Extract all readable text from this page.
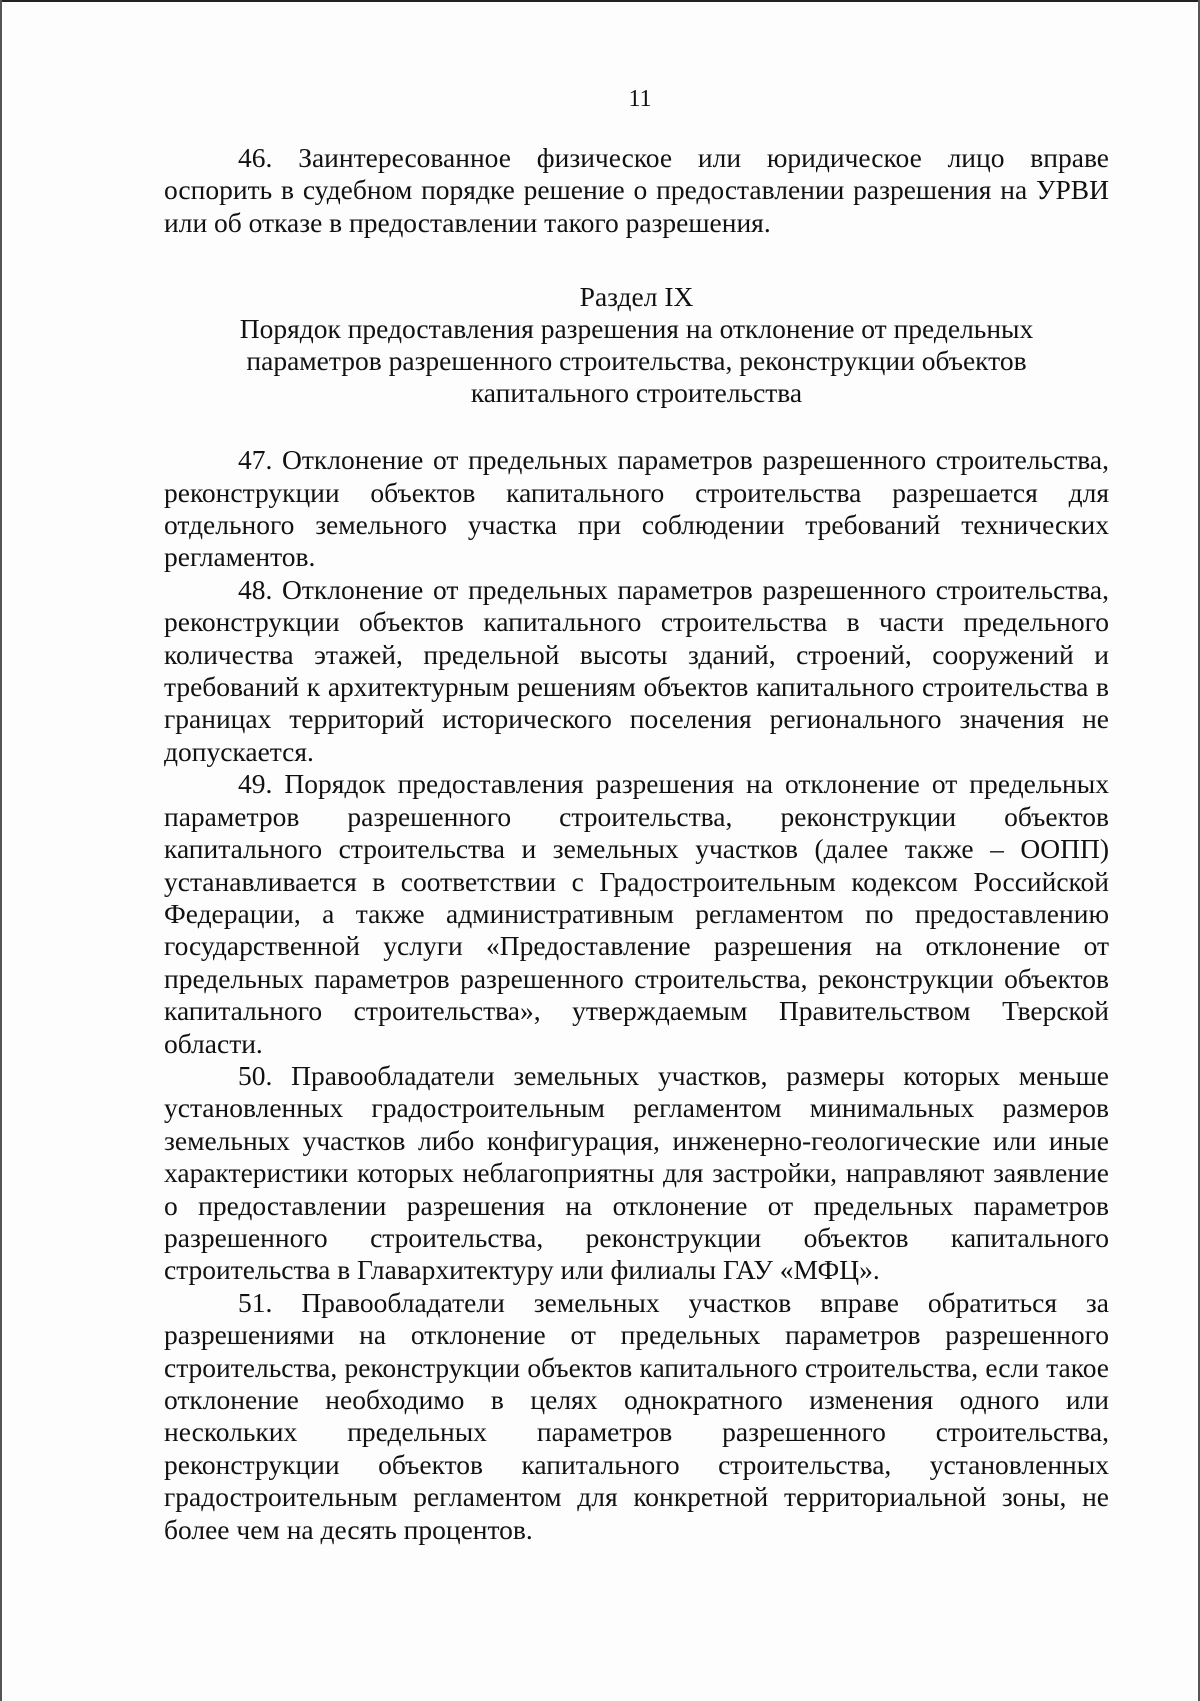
11

46. Заинтересованное физическое или юридическое лицо вправе оспорить в судебном порядке решение о предоставлении разрешения на УРВИ или об отказе в предоставлении такого разрешения.

Раздел IX
Порядок предоставления разрешения на отклонение от предельных параметров разрешенного строительства, реконструкции объектов капитального строительства

47. Отклонение от предельных параметров разрешенного строительства, реконструкции объектов капитального строительства разрешается для отдельного земельного участка при соблюдении требований технических регламентов.

48. Отклонение от предельных параметров разрешенного строительства, реконструкции объектов капитального строительства в части предельного количества этажей, предельной высоты зданий, строений, сооружений и требований к архитектурным решениям объектов капитального строительства в границах территорий исторического поселения регионального значения не допускается.

49. Порядок предоставления разрешения на отклонение от предельных параметров разрешенного строительства, реконструкции объектов капитального строительства и земельных участков (далее также – ООПП) устанавливается в соответствии с Градостроительным кодексом Российской Федерации, а также административным регламентом по предоставлению государственной услуги «Предоставление разрешения на отклонение от предельных параметров разрешенного строительства, реконструкции объектов капитального строительства», утверждаемым Правительством Тверской области.

50. Правообладатели земельных участков, размеры которых меньше установленных градостроительным регламентом минимальных размеров земельных участков либо конфигурация, инженерно-геологические или иные характеристики которых неблагоприятны для застройки, направляют заявление о предоставлении разрешения на отклонение от предельных параметров разрешенного строительства, реконструкции объектов капитального строительства в Главархитектуру или филиалы ГАУ «МФЦ».

51. Правообладатели земельных участков вправе обратиться за разрешениями на отклонение от предельных параметров разрешенного строительства, реконструкции объектов капитального строительства, если такое отклонение необходимо в целях однократного изменения одного или нескольких предельных параметров разрешенного строительства, реконструкции объектов капитального строительства, установленных градостроительным регламентом для конкретной территориальной зоны, не более чем на десять процентов.
